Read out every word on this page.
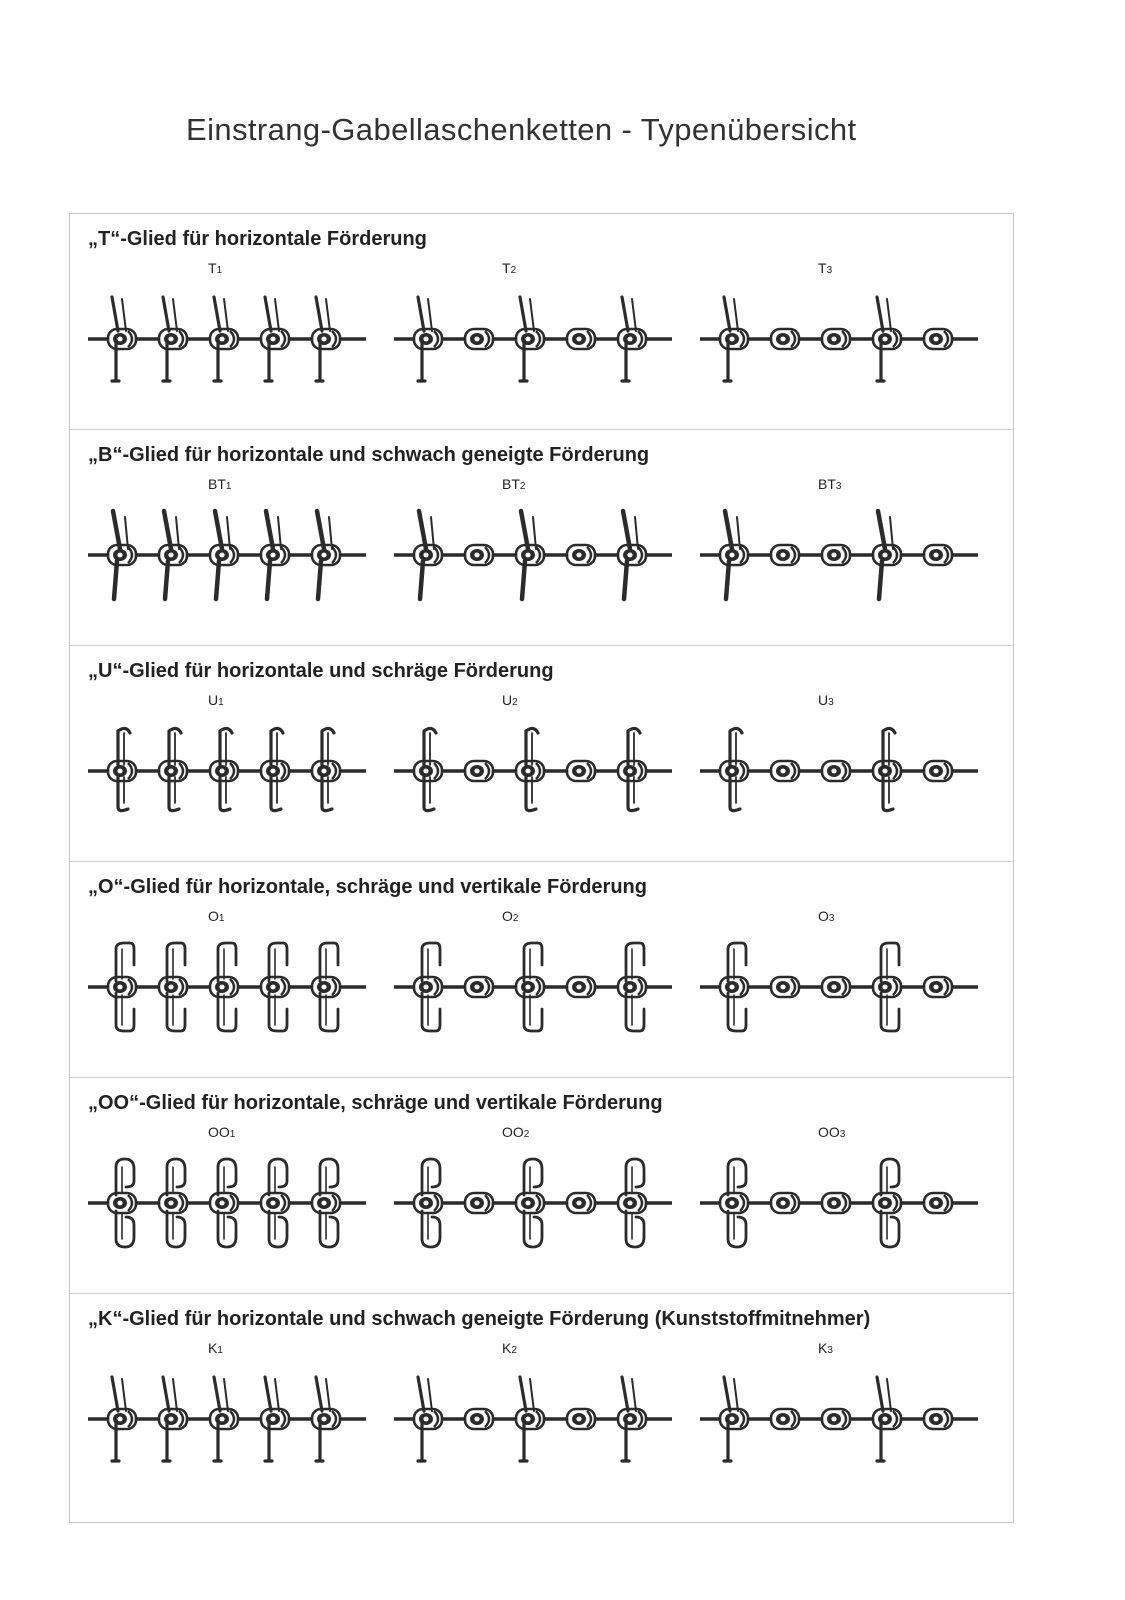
Einstrang-Gabellaschenketten - Typenübersicht
„T“-Glied für horizontale Förderung
T1	T2	T3
„B“-Glied für horizontale und schwach geneigte Förderung
BT1	BT2	BT3
„U“-Glied für horizontale und schräge Förderung
U1	U2	U3
„O“-Glied für horizontale, schräge und vertikale Förderung
O1	O2	O3
„OO“-Glied für horizontale, schräge und vertikale Förderung
OO1	OO2	OO3
„K“-Glied für horizontale und schwach geneigte Förderung (Kunststoffmitnehmer)
K1	K2	K3
